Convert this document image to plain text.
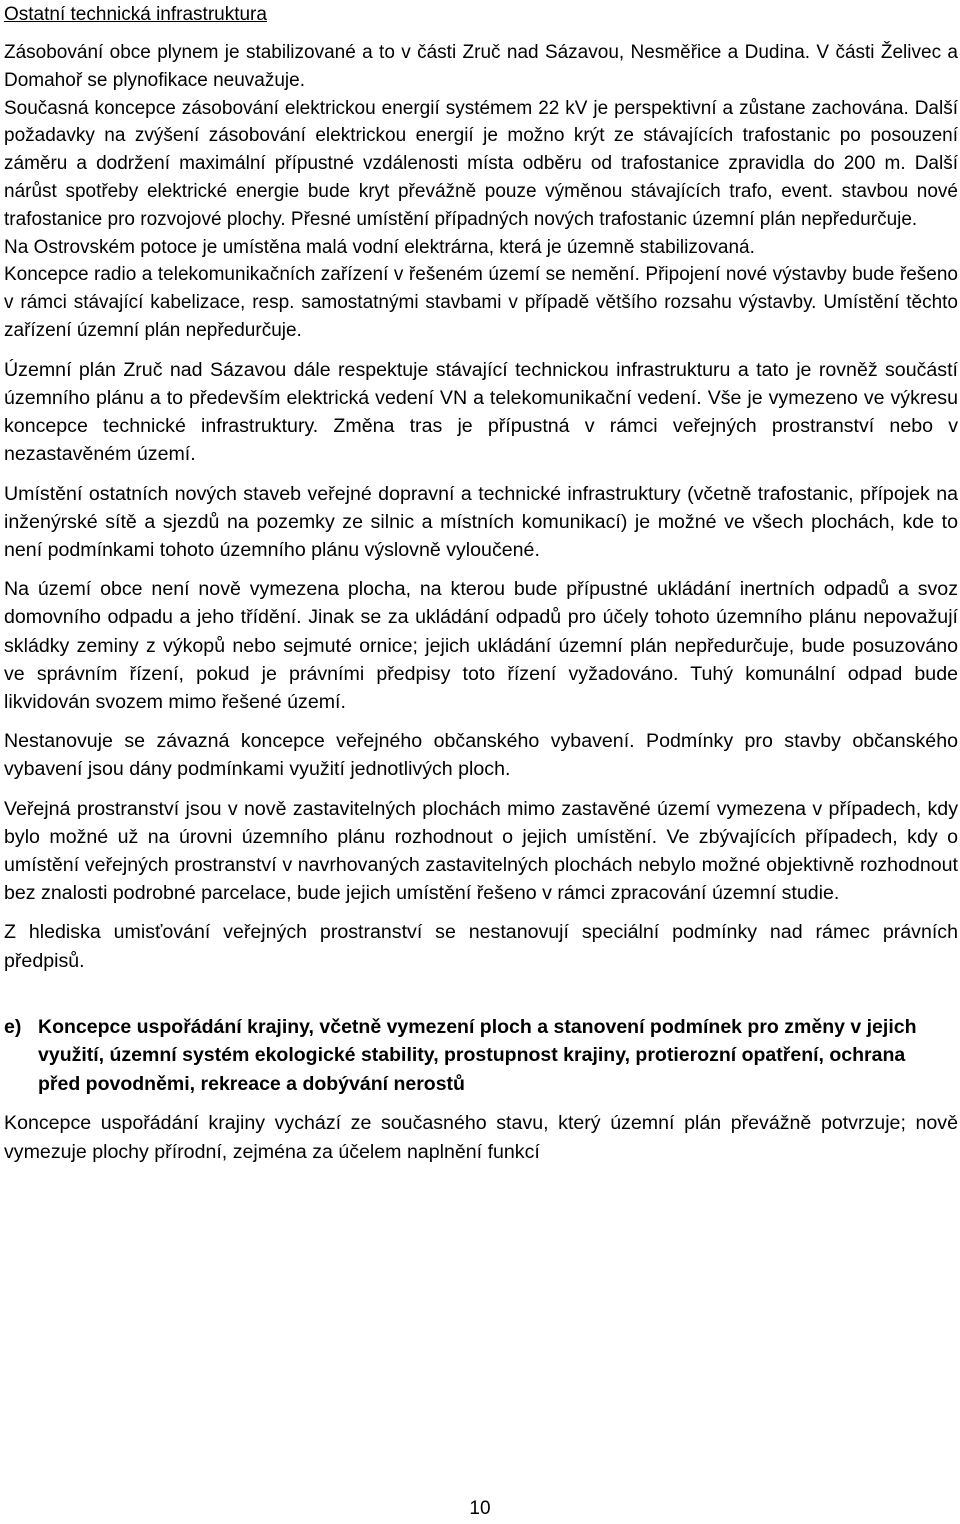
Ostatní technická infrastruktura

Zásobování obce plynem je stabilizované a to v části Zruč nad Sázavou, Nesměřice a Dudina. V části Želivec a Domahoř se plynofikace neuvažuje.

Současná koncepce zásobování elektrickou energií systémem 22 kV je perspektivní a zůstane zachována. Další požadavky na zvýšení zásobování elektrickou energií je možno krýt ze stávajících trafostanic po posouzení záměru a dodržení maximální přípustné vzdálenosti místa odběru od trafostanice zpravidla do 200 m. Další nárůst spotřeby elektrické energie bude kryt převážně pouze výměnou stávajících trafo, event. stavbou nové trafostanice pro rozvojové plochy. Přesné umístění případných nových trafostanic územní plán nepředurčuje.

Na Ostrovském potoce je umístěna malá vodní elektrárna, která je územně stabilizovaná.

Koncepce radio a telekomunikačních zařízení v řešeném území se nemění. Připojení nové výstavby bude řešeno v rámci stávající kabelizace, resp. samostatnými stavbami v případě většího rozsahu výstavby. Umístění těchto zařízení územní plán nepředurčuje.

Územní plán Zruč nad Sázavou dále respektuje stávající technickou infrastrukturu a tato je rovněž součástí územního plánu a to především elektrická vedení VN a telekomunikační vedení. Vše je vymezeno ve výkresu koncepce technické infrastruktury. Změna tras je přípustná v rámci veřejných prostranství nebo v nezastavěném území.

Umístění ostatních nových staveb veřejné dopravní a technické infrastruktury (včetně trafostanic, přípojek na inženýrské sítě a sjezdů na pozemky ze silnic a místních komunikací) je možné ve všech plochách, kde to není podmínkami tohoto územního plánu výslovně vyloučené.

Na území obce není nově vymezena plocha, na kterou bude přípustné ukládání inertních odpadů a svoz domovního odpadu a jeho třídění. Jinak se za ukládání odpadů pro účely tohoto územního plánu nepovažují skládky zeminy z výkopů nebo sejmuté ornice; jejich ukládání územní plán nepředurčuje, bude posuzováno ve správním řízení, pokud je právními předpisy toto řízení vyžadováno. Tuhý komunální odpad bude likvidován svozem mimo řešené území.

Nestanovuje se závazná koncepce veřejného občanského vybavení. Podmínky pro stavby občanského vybavení jsou dány podmínkami využití jednotlivých ploch.

Veřejná prostranství jsou v nově zastavitelných plochách mimo zastavěné území vymezena v případech, kdy bylo možné už na úrovni územního plánu rozhodnout o jejich umístění. Ve zbývajících případech, kdy o umístění veřejných prostranství v navrhovaných zastavitelných plochách nebylo možné objektivně rozhodnout bez znalosti podrobné parcelace, bude jejich umístění řešeno v rámci zpracování územní studie.

Z hlediska umisťování veřejných prostranství se nestanovují speciální podmínky nad rámec právních předpisů.

e) Koncepce uspořádání krajiny, včetně vymezení ploch a stanovení podmínek pro změny v jejich využití, územní systém ekologické stability, prostupnost krajiny, protierozní opatření, ochrana před povodněmi, rekreace a dobývání nerostů

Koncepce uspořádání krajiny vychází ze současného stavu, který územní plán převážně potvrzuje; nově vymezuje plochy přírodní, zejména za účelem naplnění funkcí

10
